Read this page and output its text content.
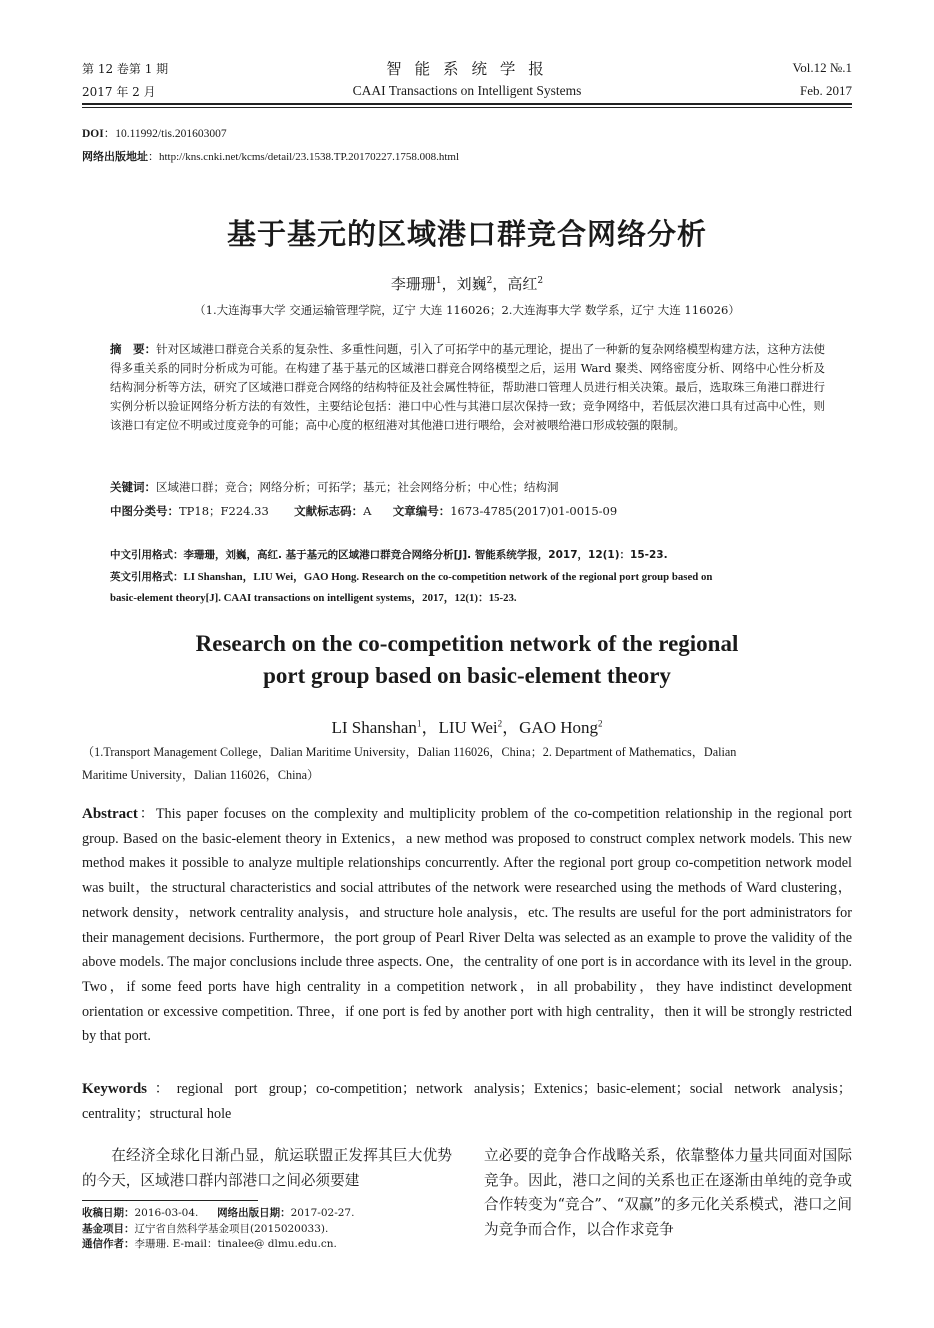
第 12 卷第 1 期
2017 年 2 月
智 能 系 统 学 报
CAAI Transactions on Intelligent Systems
Vol.12 №.1
Feb. 2017
DOI：10.11992/tis.201603007
网络出版地址：http://kns.cnki.net/kcms/detail/23.1538.TP.20170227.1758.008.html
基于基元的区域港口群竞合网络分析
李珊珊$^1$，刘巍$^2$，高红$^2$
（1.大连海事大学 交通运输管理学院，辽宁 大连 116026；2.大连海事大学 数学系，辽宁 大连 116026）
摘　要：针对区域港口群竞合关系的复杂性、多重性问题，引入了可拓学中的基元理论，提出了一种新的复杂网络模型构建方法，这种方法使得多重关系的同时分析成为可能。在构建了基于基元的区域港口群竞合网络模型之后，运用 Ward 聚类、网络密度分析、网络中心性分析及结构洞分析等方法，研究了区域港口群竞合网络的结构特征及社会属性特征，帮助港口管理人员进行相关决策。最后，选取珠三角港口群进行实例分析以验证网络分析方法的有效性，主要结论包括：港口中心性与其港口层次保持一致；竞争网络中，若低层次港口具有过高中心性，则该港口有定位不明或过度竞争的可能；高中心度的枢纽港对其他港口进行喂给，会对被喂给港口形成较强的限制。
关键词：区域港口群；竞合；网络分析；可拓学；基元；社会网络分析；中心性；结构洞
中图分类号：TP18；F224.33 文献标志码：A 文章编号：1673-4785(2017)01-0015-09
中文引用格式：李珊珊，刘巍，高红. 基于基元的区域港口群竞合网络分析[J]. 智能系统学报，2017，12(1)：15-23.
英文引用格式：LI Shanshan，LIU Wei，GAO Hong. Research on the co-competition network of the regional port group based on
basic-element theory[J]. CAAI transactions on intelligent systems，2017，12(1)：15-23.
Research on the co-competition network of the regional
port group based on basic-element theory
LI Shanshan$^1$，LIU Wei$^2$，GAO Hong$^2$
（1.Transport Management College，Dalian Maritime University，Dalian 116026，China；2. Department of Mathematics，Dalian
Maritime University，Dalian 116026，China）
Abstract：This paper focuses on the complexity and multiplicity problem of the co-competition relationship in the regional port group. Based on the basic-element theory in Extenics，a new method was proposed to construct complex network models. This new method makes it possible to analyze multiple relationships concurrently. After the regional port group co-competition network model was built，the structural characteristics and social attributes of the network were researched using the methods of Ward clustering，network density，network centrality analysis，and structure hole analysis，etc. The results are useful for the port administrators for their management decisions. Furthermore，the port group of Pearl River Delta was selected as an example to prove the validity of the above models. The major conclusions include three aspects. One，the centrality of one port is in accordance with its level in the group. Two，if some feed ports have high centrality in a competition network，in all probability，they have indistinct development orientation or excessive competition. Three，if one port is fed by another port with high centrality，then it will be strongly restricted by that port.
Keywords：regional port group；co-competition；network analysis；Extenics；basic-element；social network analysis；centrality；structural hole
在经济全球化日渐凸显，航运联盟正发挥其巨大优势的今天，区域港口群内部港口之间必须要建
立必要的竞争合作战略关系，依靠整体力量共同面对国际竞争。因此，港口之间的关系也正在逐渐由单纯的竞争或合作转变为“竞合”、“双赢”的多元化关系模式，港口之间为竞争而合作，以合作求竞争
收稿日期：2016-03-04. 网络出版日期：2017-02-27.
基金项目：辽宁省自然科学基金项目(2015020033).
通信作者：李珊珊. E-mail：tinalee@ dlmu.edu.cn.
